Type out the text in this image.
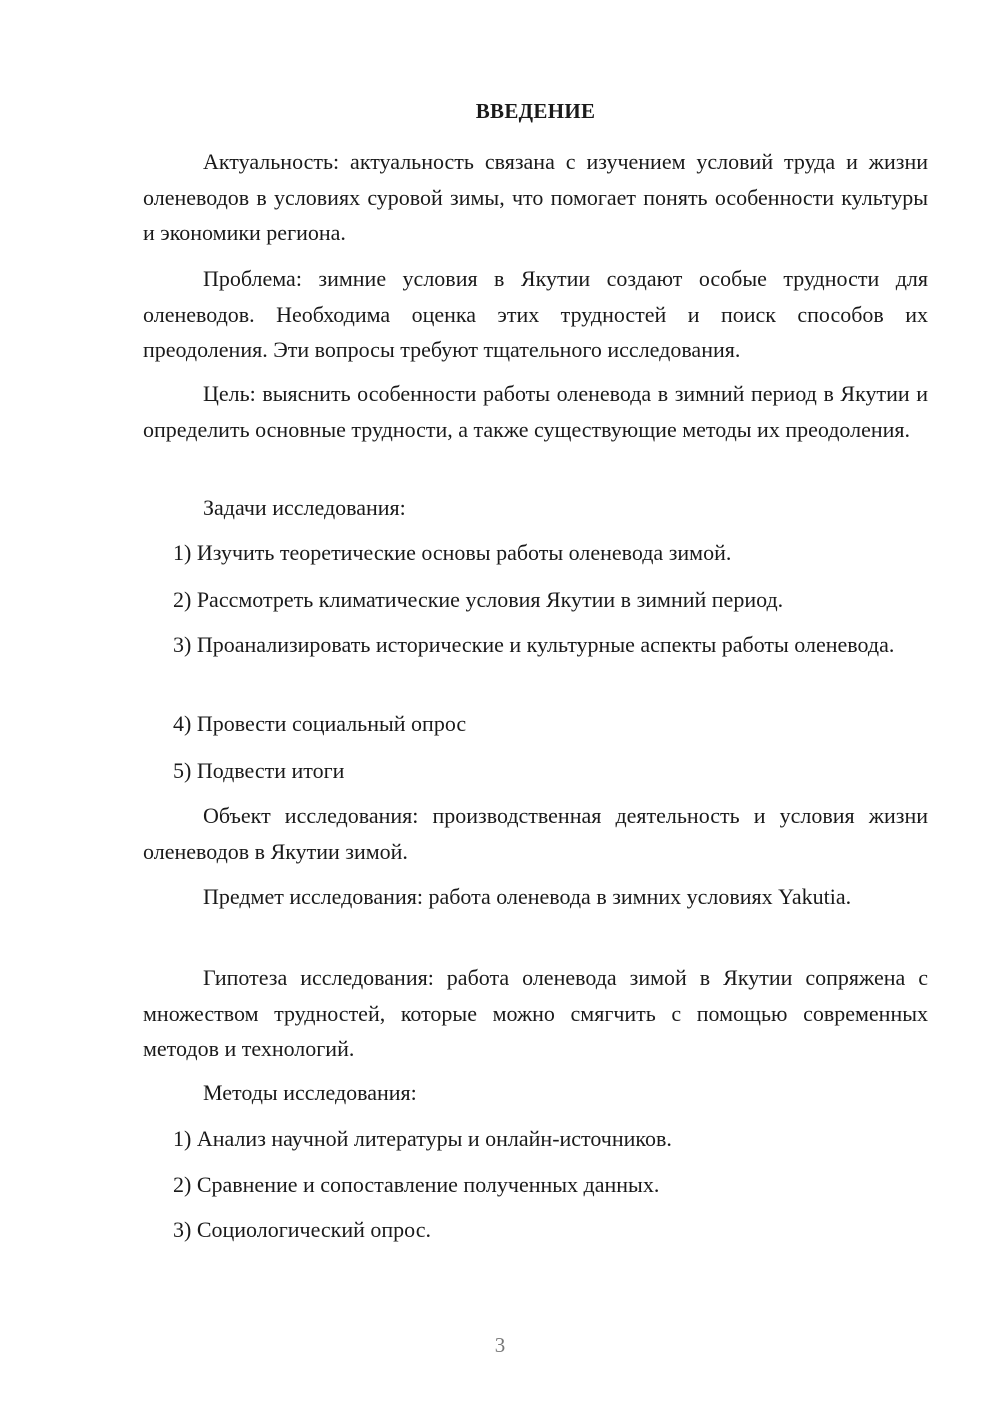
ВВЕДЕНИЕ

Актуальность: актуальность связана с изучением условий труда и жизни оленеводов в условиях суровой зимы, что помогает понять особенности культуры и экономики региона.

Проблема: зимние условия в Якутии создают особые трудности для оленеводов. Необходима оценка этих трудностей и поиск способов их преодоления. Эти вопросы требуют тщательного исследования.

Цель: выяснить особенности работы оленевода в зимний период в Якутии и определить основные трудности, а также существующие методы их преодоления.

Задачи исследования:

1) Изучить теоретические основы работы оленевода зимой.

2) Рассмотреть климатические условия Якутии в зимний период.

3) Проанализировать исторические и культурные аспекты работы оленевода.

4) Провести социальный опрос

5) Подвести итоги

Объект исследования: производственная деятельность и условия жизни оленеводов в Якутии зимой.

Предмет исследования: работа оленевода в зимних условиях Yakutia.

Гипотеза исследования: работа оленевода зимой в Якутии сопряжена с множеством трудностей, которые можно смягчить с помощью современных методов и технологий.

Методы исследования:

1) Анализ научной литературы и онлайн-источников.

2) Сравнение и сопоставление полученных данных.

3) Социологический опрос.

3
